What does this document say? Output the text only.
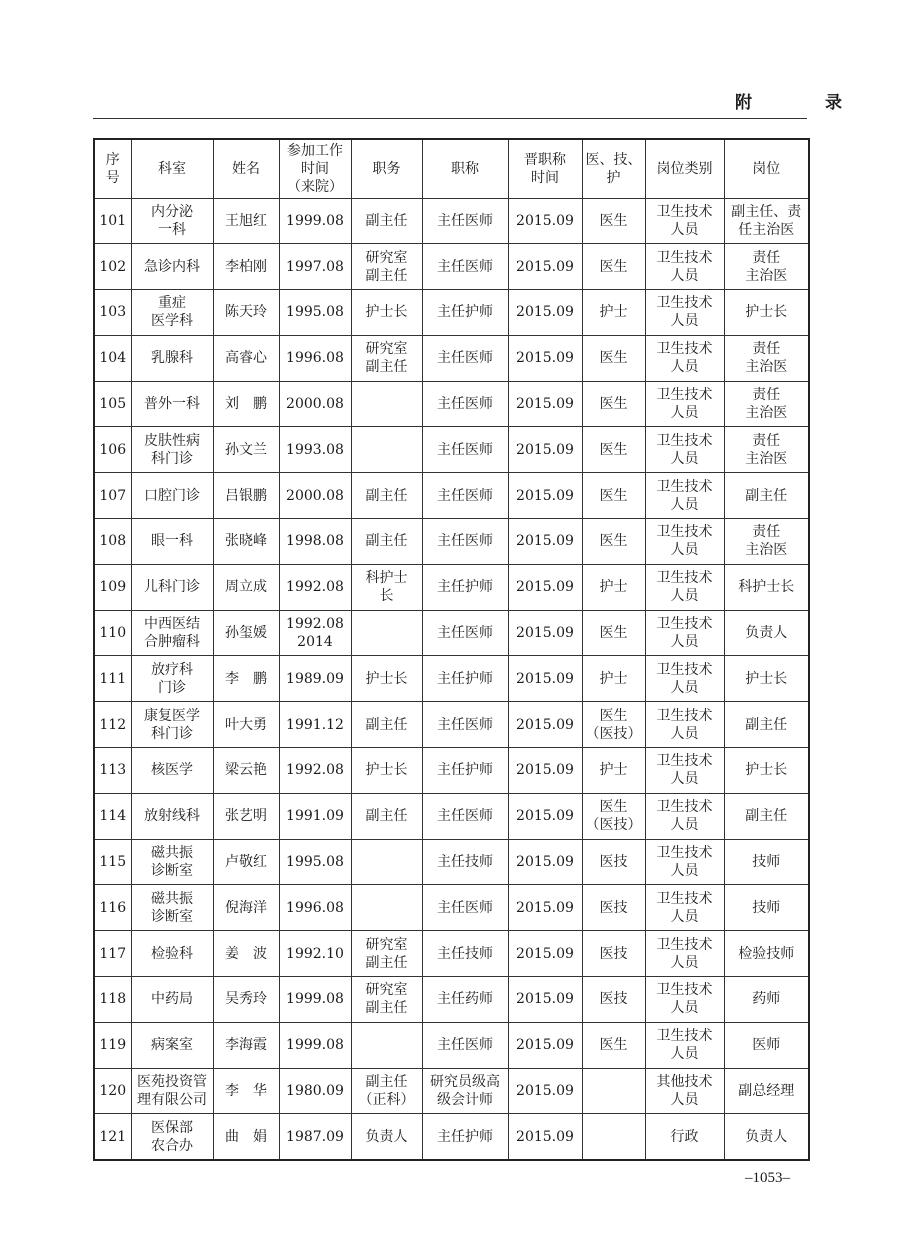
附　录
序
号	科室	姓名	参加工作
时间
（来院）	职务	职称	晋职称
时间	医、技、
护	岗位类别	岗位
101	内分泌
一科	王旭红	1999.08	副主任	主任医师	2015.09	医生	卫生技术
人员	副主任、责
任主治医
102	急诊内科	李柏刚	1997.08	研究室
副主任	主任医师	2015.09	医生	卫生技术
人员	责任
主治医
103	重症
医学科	陈天玲	1995.08	护士长	主任护师	2015.09	护士	卫生技术
人员	护士长
104	乳腺科	高睿心	1996.08	研究室
副主任	主任医师	2015.09	医生	卫生技术
人员	责任
主治医
105	普外一科	刘　鹏	2000.08		主任医师	2015.09	医生	卫生技术
人员	责任
主治医
106	皮肤性病
科门诊	孙文兰	1993.08		主任医师	2015.09	医生	卫生技术
人员	责任
主治医
107	口腔门诊	吕银鹏	2000.08	副主任	主任医师	2015.09	医生	卫生技术
人员	副主任
108	眼一科	张晓峰	1998.08	副主任	主任医师	2015.09	医生	卫生技术
人员	责任
主治医
109	儿科门诊	周立成	1992.08	科护士
长	主任护师	2015.09	护士	卫生技术
人员	科护士长
110	中西医结
合肿瘤科	孙玺媛	1992.08
2014		主任医师	2015.09	医生	卫生技术
人员	负责人
111	放疗科
门诊	李　鹏	1989.09	护士长	主任护师	2015.09	护士	卫生技术
人员	护士长
112	康复医学
科门诊	叶大勇	1991.12	副主任	主任医师	2015.09	医生
（医技）	卫生技术
人员	副主任
113	核医学	梁云艳	1992.08	护士长	主任护师	2015.09	护士	卫生技术
人员	护士长
114	放射线科	张艺明	1991.09	副主任	主任医师	2015.09	医生
（医技）	卫生技术
人员	副主任
115	磁共振
诊断室	卢敬红	1995.08		主任技师	2015.09	医技	卫生技术
人员	技师
116	磁共振
诊断室	倪海洋	1996.08		主任医师	2015.09	医技	卫生技术
人员	技师
117	检验科	姜　波	1992.10	研究室
副主任	主任技师	2015.09	医技	卫生技术
人员	检验技师
118	中药局	吴秀玲	1999.08	研究室
副主任	主任药师	2015.09	医技	卫生技术
人员	药师
119	病案室	李海霞	1999.08		主任医师	2015.09	医生	卫生技术
人员	医师
120	医苑投资管
理有限公司	李　华	1980.09	副主任
（正科）	研究员级高
级会计师	2015.09		其他技术
人员	副总经理
121	医保部
农合办	曲　娟	1987.09	负责人	主任护师	2015.09		行政	负责人
–1053–
